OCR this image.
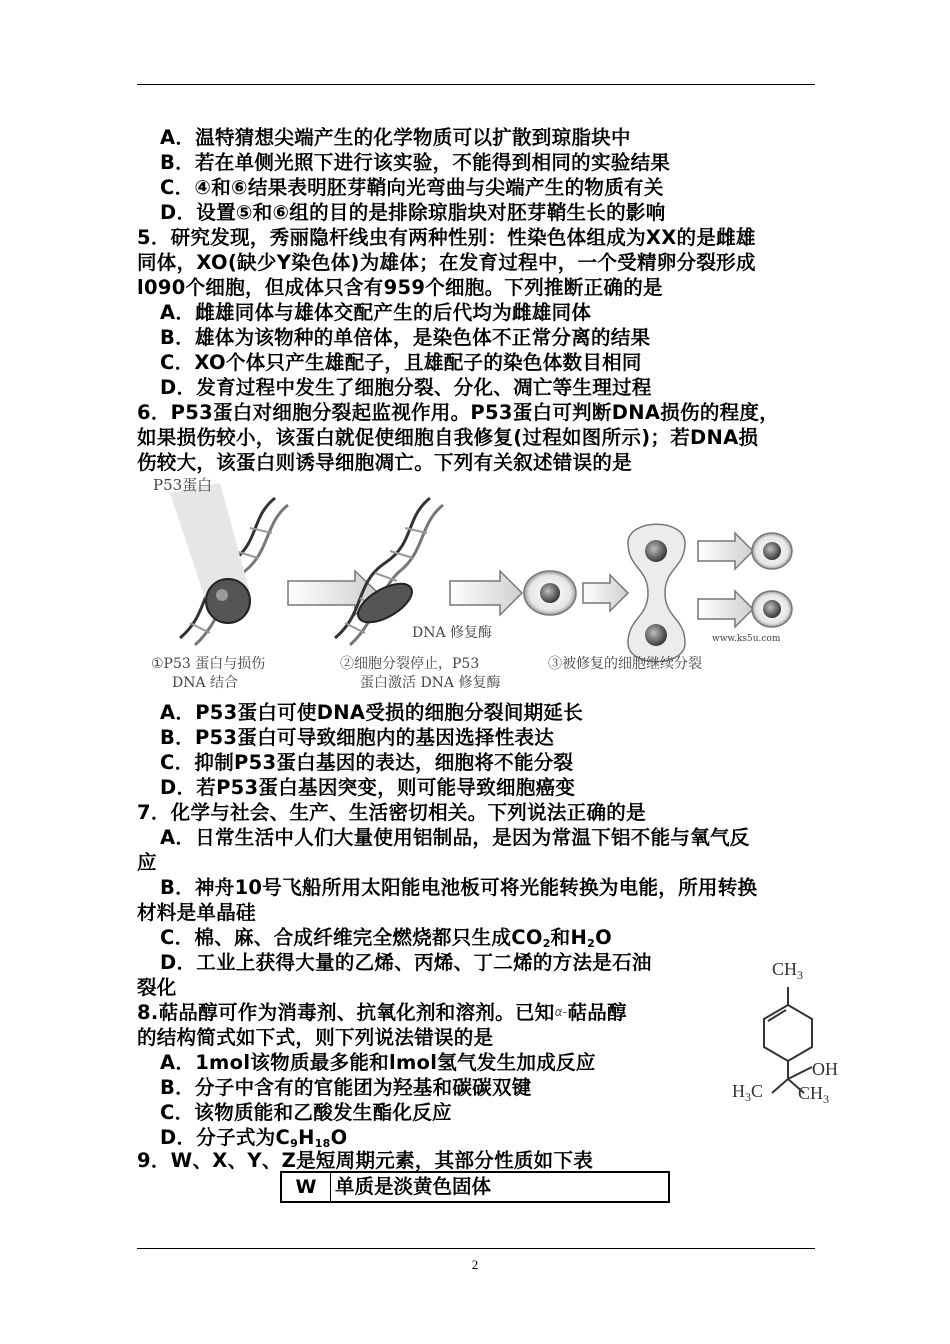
A．温特猜想尖端产生的化学物质可以扩散到琼脂块中
B．若在单侧光照下进行该实验，不能得到相同的实验结果
C．④和⑥结果表明胚芽鞘向光弯曲与尖端产生的物质有关
D．设置⑤和⑥组的目的是排除琼脂块对胚芽鞘生长的影响
5．研究发现，秀丽隐杆线虫有两种性别：性染色体组成为XX的是雌雄
同体，XO(缺少Y染色体)为雄体；在发育过程中，一个受精卵分裂形成
l090个细胞，但成体只含有959个细胞。下列推断正确的是
A．雌雄同体与雄体交配产生的后代均为雌雄同体
B．雄体为该物种的单倍体，是染色体不正常分离的结果
C．XO个体只产生雄配子，且雄配子的染色体数目相同
D．发育过程中发生了细胞分裂、分化、凋亡等生理过程
6．P53蛋白对细胞分裂起监视作用。P53蛋白可判断DNA损伤的程度，
如果损伤较小，该蛋白就促使细胞自我修复(过程如图所示)；若DNA损
伤较大，该蛋白则诱导细胞凋亡。下列有关叙述错误的是
P53蛋白
DNA 修复酶	www.ks5u.com
①P53 蛋白与损伤
DNA 结合
②细胞分裂停止，P53
蛋白激活 DNA 修复酶
③被修复的细胞继续分裂
A．P53蛋白可使DNA受损的细胞分裂间期延长
B．P53蛋白可导致细胞内的基因选择性表达
C．抑制P53蛋白基因的表达，细胞将不能分裂
D．若P53蛋白基因突变，则可能导致细胞癌变
7．化学与社会、生产、生活密切相关。下列说法正确的是
A．日常生活中人们大量使用铝制品，是因为常温下铝不能与氧气反
应
B．神舟10号飞船所用太阳能电池板可将光能转换为电能，所用转换
材料是单晶硅
C．棉、麻、合成纤维完全燃烧都只生成$CO_2$和$H_2O$
D．工业上获得大量的乙烯、丙烯、丁二烯的方法是石油
裂化
8.萜品醇可作为消毒剂、抗氧化剂和溶剂。已知α-萜品醇
的结构简式如下式，则下列说法错误的是
A．1mol该物质最多能和lmol氢气发生加成反应
B．分子中含有的官能团为羟基和碳碳双键
C．该物质能和乙酸发生酯化反应
D．分子式为$C_9H_{18}O$
$CH_3$
OH
$H_3C$ $CH_3$
9．W、X、Y、Z是短周期元素，其部分性质如下表
W 单质是淡黄色固体
2
